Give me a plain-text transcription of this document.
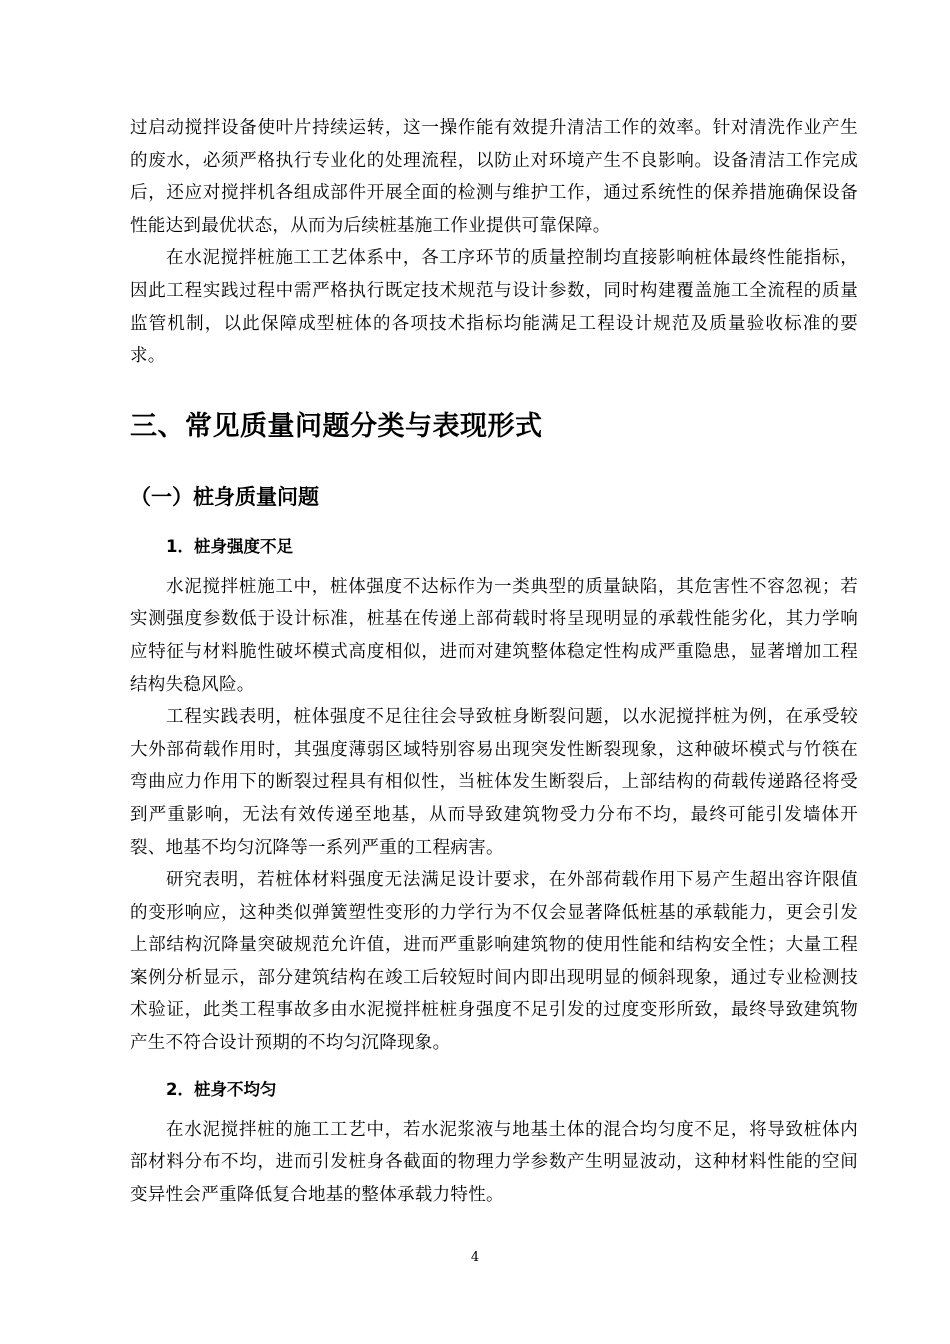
过启动搅拌设备使叶片持续运转，这一操作能有效提升清洁工作的效率。针对清洗作业产生的废水，必须严格执行专业化的处理流程，以防止对环境产生不良影响。设备清洁工作完成后，还应对搅拌机各组成部件开展全面的检测与维护工作，通过系统性的保养措施确保设备性能达到最优状态，从而为后续桩基施工作业提供可靠保障。

在水泥搅拌桩施工工艺体系中，各工序环节的质量控制均直接影响桩体最终性能指标，因此工程实践过程中需严格执行既定技术规范与设计参数，同时构建覆盖施工全流程的质量监管机制，以此保障成型桩体的各项技术指标均能满足工程设计规范及质量验收标准的要求。

三、常见质量问题分类与表现形式
（一）桩身质量问题
1．桩身强度不足

水泥搅拌桩施工中，桩体强度不达标作为一类典型的质量缺陷，其危害性不容忽视；若实测强度参数低于设计标准，桩基在传递上部荷载时将呈现明显的承载性能劣化，其力学响应特征与材料脆性破坏模式高度相似，进而对建筑整体稳定性构成严重隐患，显著增加工程结构失稳风险。

工程实践表明，桩体强度不足往往会导致桩身断裂问题，以水泥搅拌桩为例，在承受较大外部荷载作用时，其强度薄弱区域特别容易出现突发性断裂现象，这种破坏模式与竹筷在弯曲应力作用下的断裂过程具有相似性，当桩体发生断裂后，上部结构的荷载传递路径将受到严重影响，无法有效传递至地基，从而导致建筑物受力分布不均，最终可能引发墙体开裂、地基不均匀沉降等一系列严重的工程病害。

研究表明，若桩体材料强度无法满足设计要求，在外部荷载作用下易产生超出容许限值的变形响应，这种类似弹簧塑性变形的力学行为不仅会显著降低桩基的承载能力，更会引发上部结构沉降量突破规范允许值，进而严重影响建筑物的使用性能和结构安全性；大量工程案例分析显示，部分建筑结构在竣工后较短时间内即出现明显的倾斜现象，通过专业检测技术验证，此类工程事故多由水泥搅拌桩桩身强度不足引发的过度变形所致，最终导致建筑物产生不符合设计预期的不均匀沉降现象。

2．桩身不均匀

在水泥搅拌桩的施工工艺中，若水泥浆液与地基土体的混合均匀度不足，将导致桩体内部材料分布不均，进而引发桩身各截面的物理力学参数产生明显波动，这种材料性能的空间变异性会严重降低复合地基的整体承载力特性。

4
